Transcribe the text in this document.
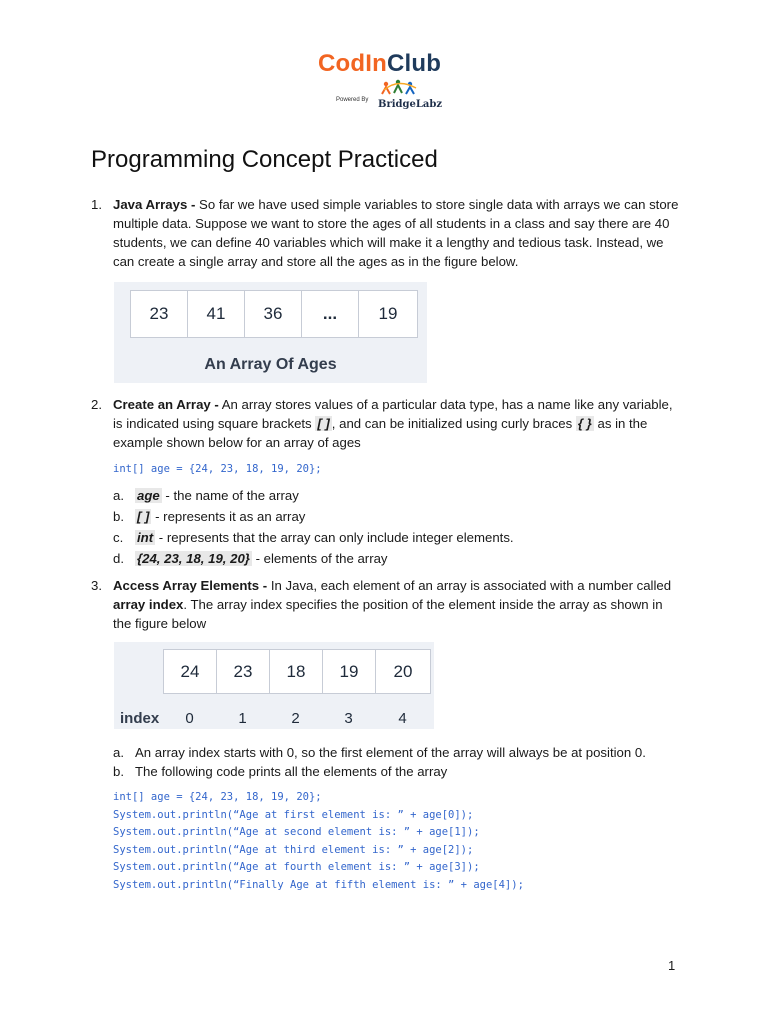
CodInClub
Powered By BridgeLabz
Programming Concept Practiced
1. Java Arrays - So far we have used simple variables to store single data with arrays we can store multiple data. Suppose we want to store the ages of all students in a class and say there are 40 students, we can define 40 variables which will make it a lengthy and tedious task. Instead, we can create a single array and store all the ages as in the figure below.
23	41	36	...	19
An Array Of Ages
2. Create an Array - An array stores values of a particular data type, has a name like any variable, is indicated using square brackets [ ] , and can be initialized using curly braces { } as in the example shown below for an array of ages
int[] age = {24, 23, 18, 19, 20};
a. age - the name of the array
b. [ ] - represents it as an array
c. int - represents that the array can only include integer elements.
d. {24, 23, 18, 19, 20} - elements of the array
3. Access Array Elements - In Java, each element of an array is associated with a number called array index. The array index specifies the position of the element inside the array as shown in the figure below
24	23	18	19	20
index	0	1	2	3	4
a. An array index starts with 0, so the first element of the array will always be at position 0.
b. The following code prints all the elements of the array
int[] age = {24, 23, 18, 19, 20};
System.out.println(“Age at first element is: ” + age[0]);
System.out.println(“Age at second element is: ” + age[1]);
System.out.println(“Age at third element is: ” + age[2]);
System.out.println(“Age at fourth element is: ” + age[3]);
System.out.println(“Finally Age at fifth element is: ” + age[4]);
1
